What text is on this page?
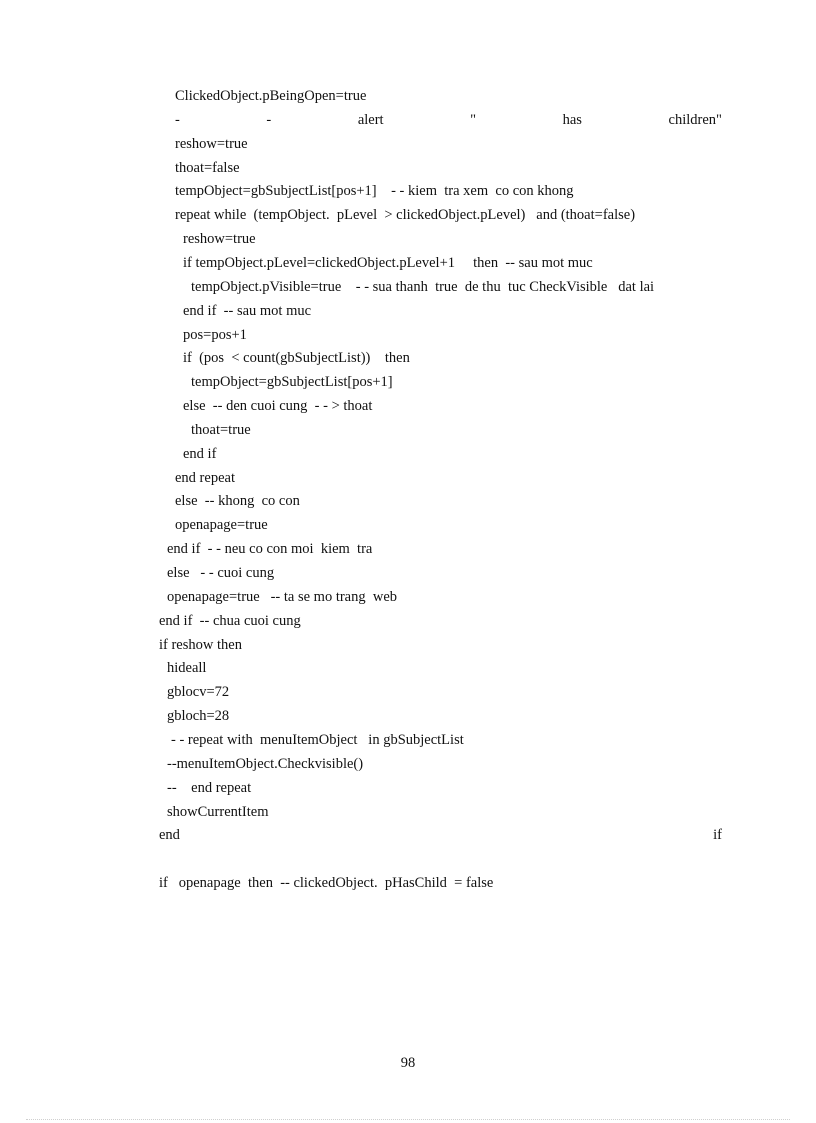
ClickedObject.pBeingOpen=true
-	-	alert	"	has	children"
reshow=true
thoat=false
tempObject=gbSubjectList[pos+1]    - - kiem  tra xem  co con khong
repeat while  (tempObject.  pLevel  > clickedObject.pLevel)   and (thoat=false)
reshow=true
if tempObject.pLevel=clickedObject.pLevel+1     then  -- sau mot muc
tempObject.pVisible=true    - - sua thanh  true  de thu  tuc CheckVisible   dat lai
end if  -- sau mot muc
pos=pos+1
if  (pos  < count(gbSubjectList))    then
tempObject=gbSubjectList[pos+1]
else  -- den cuoi cung  - - > thoat
thoat=true
end if
end repeat
else  -- khong  co con
openapage=true
end if  - - neu co con moi  kiem  tra
else   - - cuoi cung
openapage=true   -- ta se mo trang  web
end if  -- chua cuoi cung
if reshow then
hideall
gblocv=72
gbloch=28
- - repeat with  menuItemObject   in gbSubjectList
--menuItemObject.Checkvisible()
--    end repeat
showCurrentItem
end	if
if   openapage  then  -- clickedObject.  pHasChild  = false
98
